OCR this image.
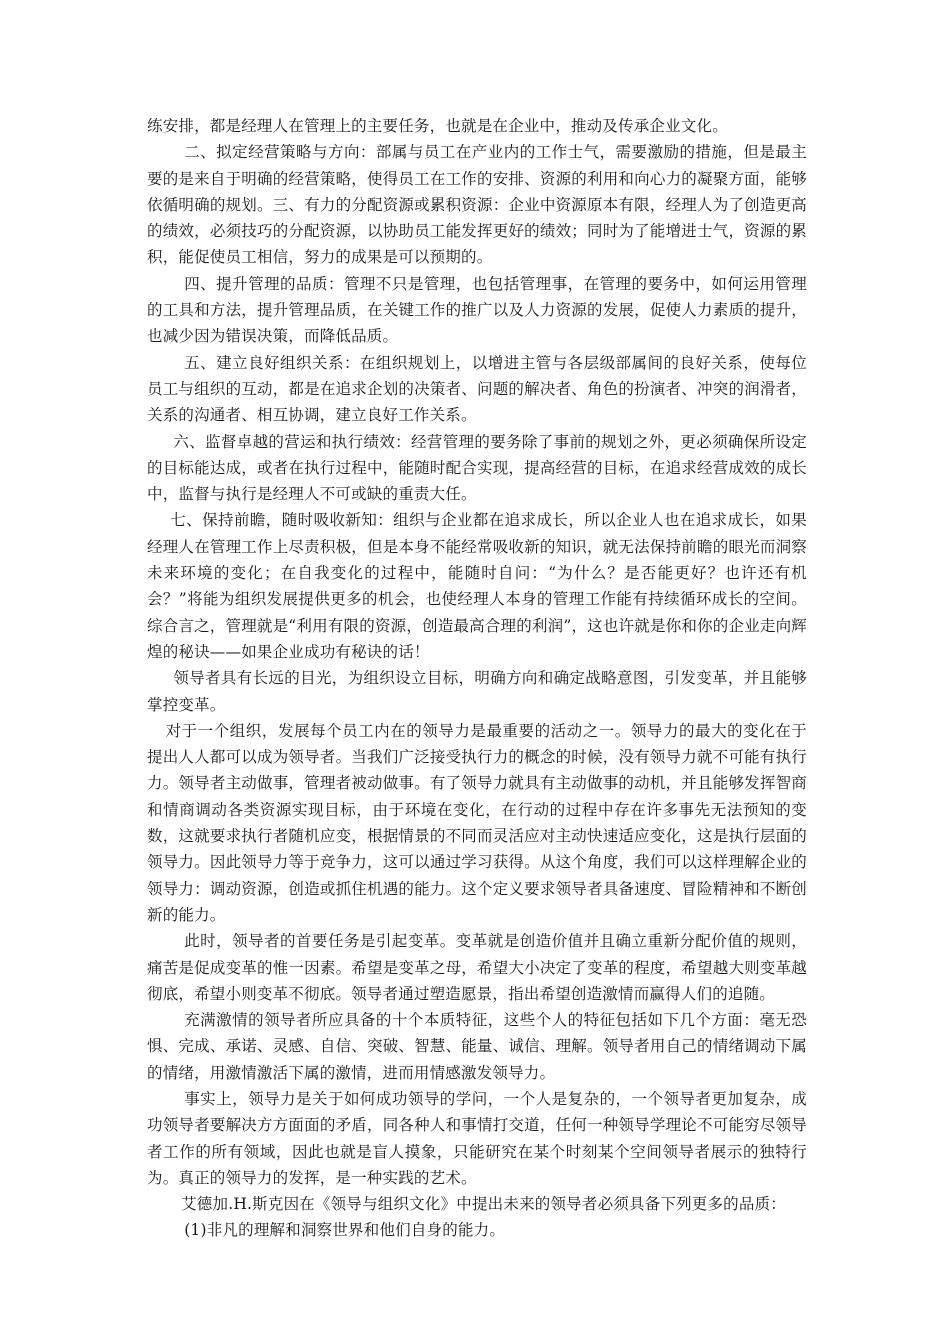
练安排，都是经理人在管理上的主要任务，也就是在企业中，推动及传承企业文化。

二、拟定经营策略与方向：部属与员工在产业内的工作士气，需要激励的措施，但是最主要的是来自于明确的经营策略，使得员工在工作的安排、资源的利用和向心力的凝聚方面，能够依循明确的规划。三、有力的分配资源或累积资源：企业中资源原本有限，经理人为了创造更高的绩效，必须技巧的分配资源，以协助员工能发挥更好的绩效；同时为了能增进士气，资源的累积，能促使员工相信，努力的成果是可以预期的。

四、提升管理的品质：管理不只是管理，也包括管理事，在管理的要务中，如何运用管理的工具和方法，提升管理品质，在关键工作的推广以及人力资源的发展，促使人力素质的提升，也减少因为错误决策，而降低品质。

五、建立良好组织关系：在组织规划上，以增进主管与各层级部属间的良好关系，使每位员工与组织的互动，都是在追求企划的决策者、问题的解决者、角色的扮演者、冲突的润滑者，关系的沟通者、相互协调，建立良好工作关系。

六、监督卓越的营运和执行绩效：经营管理的要务除了事前的规划之外，更必须确保所设定的目标能达成，或者在执行过程中，能随时配合实现，提高经营的目标，在追求经营成效的成长中，监督与执行是经理人不可或缺的重责大任。

七、保持前瞻，随时吸收新知：组织与企业都在追求成长，所以企业人也在追求成长，如果经理人在管理工作上尽责积极，但是本身不能经常吸收新的知识，就无法保持前瞻的眼光而洞察未来环境的变化；在自我变化的过程中，能随时自问：“为什么？是否能更好？也许还有机会？”将能为组织发展提供更多的机会，也使经理人本身的管理工作能有持续循环成长的空间。综合言之，管理就是“利用有限的资源，创造最高合理的利润”，这也许就是你和你的企业走向辉煌的秘诀——如果企业成功有秘诀的话！

领导者具有长远的目光，为组织设立目标，明确方向和确定战略意图，引发变革，并且能够掌控变革。

对于一个组织，发展每个员工内在的领导力是最重要的活动之一。领导力的最大的变化在于提出人人都可以成为领导者。当我们广泛接受执行力的概念的时候，没有领导力就不可能有执行力。领导者主动做事，管理者被动做事。有了领导力就具有主动做事的动机，并且能够发挥智商和情商调动各类资源实现目标，由于环境在变化，在行动的过程中存在许多事先无法预知的变数，这就要求执行者随机应变，根据情景的不同而灵活应对主动快速适应变化，这是执行层面的领导力。因此领导力等于竞争力，这可以通过学习获得。从这个角度，我们可以这样理解企业的领导力：调动资源，创造或抓住机遇的能力。这个定义要求领导者具备速度、冒险精神和不断创新的能力。

此时，领导者的首要任务是引起变革。变革就是创造价值并且确立重新分配价值的规则，痛苦是促成变革的惟一因素。希望是变革之母，希望大小决定了变革的程度，希望越大则变革越彻底，希望小则变革不彻底。领导者通过塑造愿景，指出希望创造激情而赢得人们的追随。

充满激情的领导者所应具备的十个本质特征，这些个人的特征包括如下几个方面：毫无恐惧、完成、承诺、灵感、自信、突破、智慧、能量、诚信、理解。领导者用自己的情绪调动下属的情绪，用激情激活下属的激情，进而用情感激发领导力。

事实上，领导力是关于如何成功领导的学问，一个人是复杂的，一个领导者更加复杂，成功领导者要解决方方面面的矛盾，同各种人和事情打交道，任何一种领导学理论不可能穷尽领导者工作的所有领域，因此也就是盲人摸象，只能研究在某个时刻某个空间领导者展示的独特行为。真正的领导力的发挥，是一种实践的艺术。

艾德加.H.斯克因在《领导与组织文化》中提出未来的领导者必须具备下列更多的品质：

(1)非凡的理解和洞察世界和他们自身的能力。
